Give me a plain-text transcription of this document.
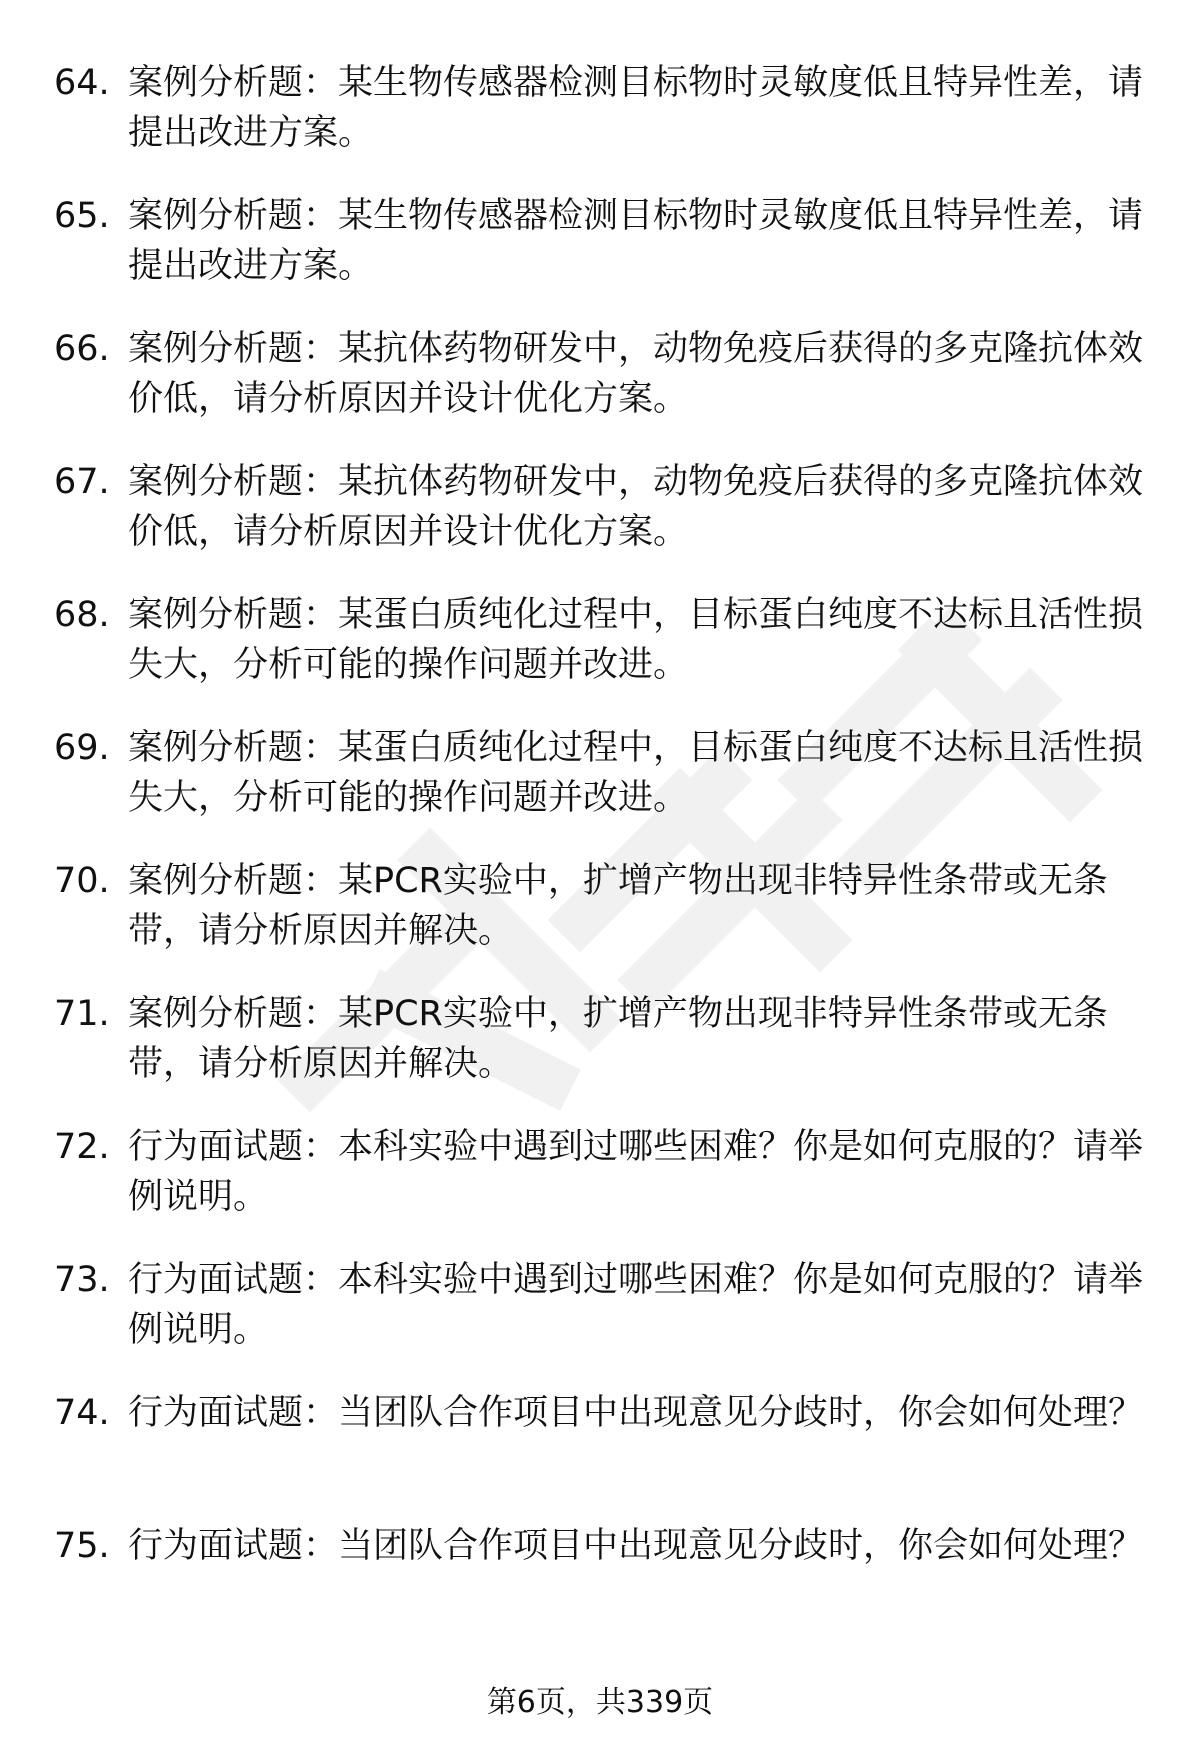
64. 案例分析题：某生物传感器检测目标物时灵敏度低且特异性差，请提出改进方案。
65. 案例分析题：某生物传感器检测目标物时灵敏度低且特异性差，请提出改进方案。
66. 案例分析题：某抗体药物研发中，动物免疫后获得的多克隆抗体效价低，请分析原因并设计优化方案。
67. 案例分析题：某抗体药物研发中，动物免疫后获得的多克隆抗体效价低，请分析原因并设计优化方案。
68. 案例分析题：某蛋白质纯化过程中，目标蛋白纯度不达标且活性损失大，分析可能的操作问题并改进。
69. 案例分析题：某蛋白质纯化过程中，目标蛋白纯度不达标且活性损失大，分析可能的操作问题并改进。
70. 案例分析题：某PCR实验中，扩增产物出现非特异性条带或无条带，请分析原因并解决。
71. 案例分析题：某PCR实验中，扩增产物出现非特异性条带或无条带，请分析原因并解决。
72. 行为面试题：本科实验中遇到过哪些困难？你是如何克服的？请举例说明。
73. 行为面试题：本科实验中遇到过哪些困难？你是如何克服的？请举例说明。
74. 行为面试题：当团队合作项目中出现意见分歧时，你会如何处理？
75. 行为面试题：当团队合作项目中出现意见分歧时，你会如何处理？
第6页，共339页
